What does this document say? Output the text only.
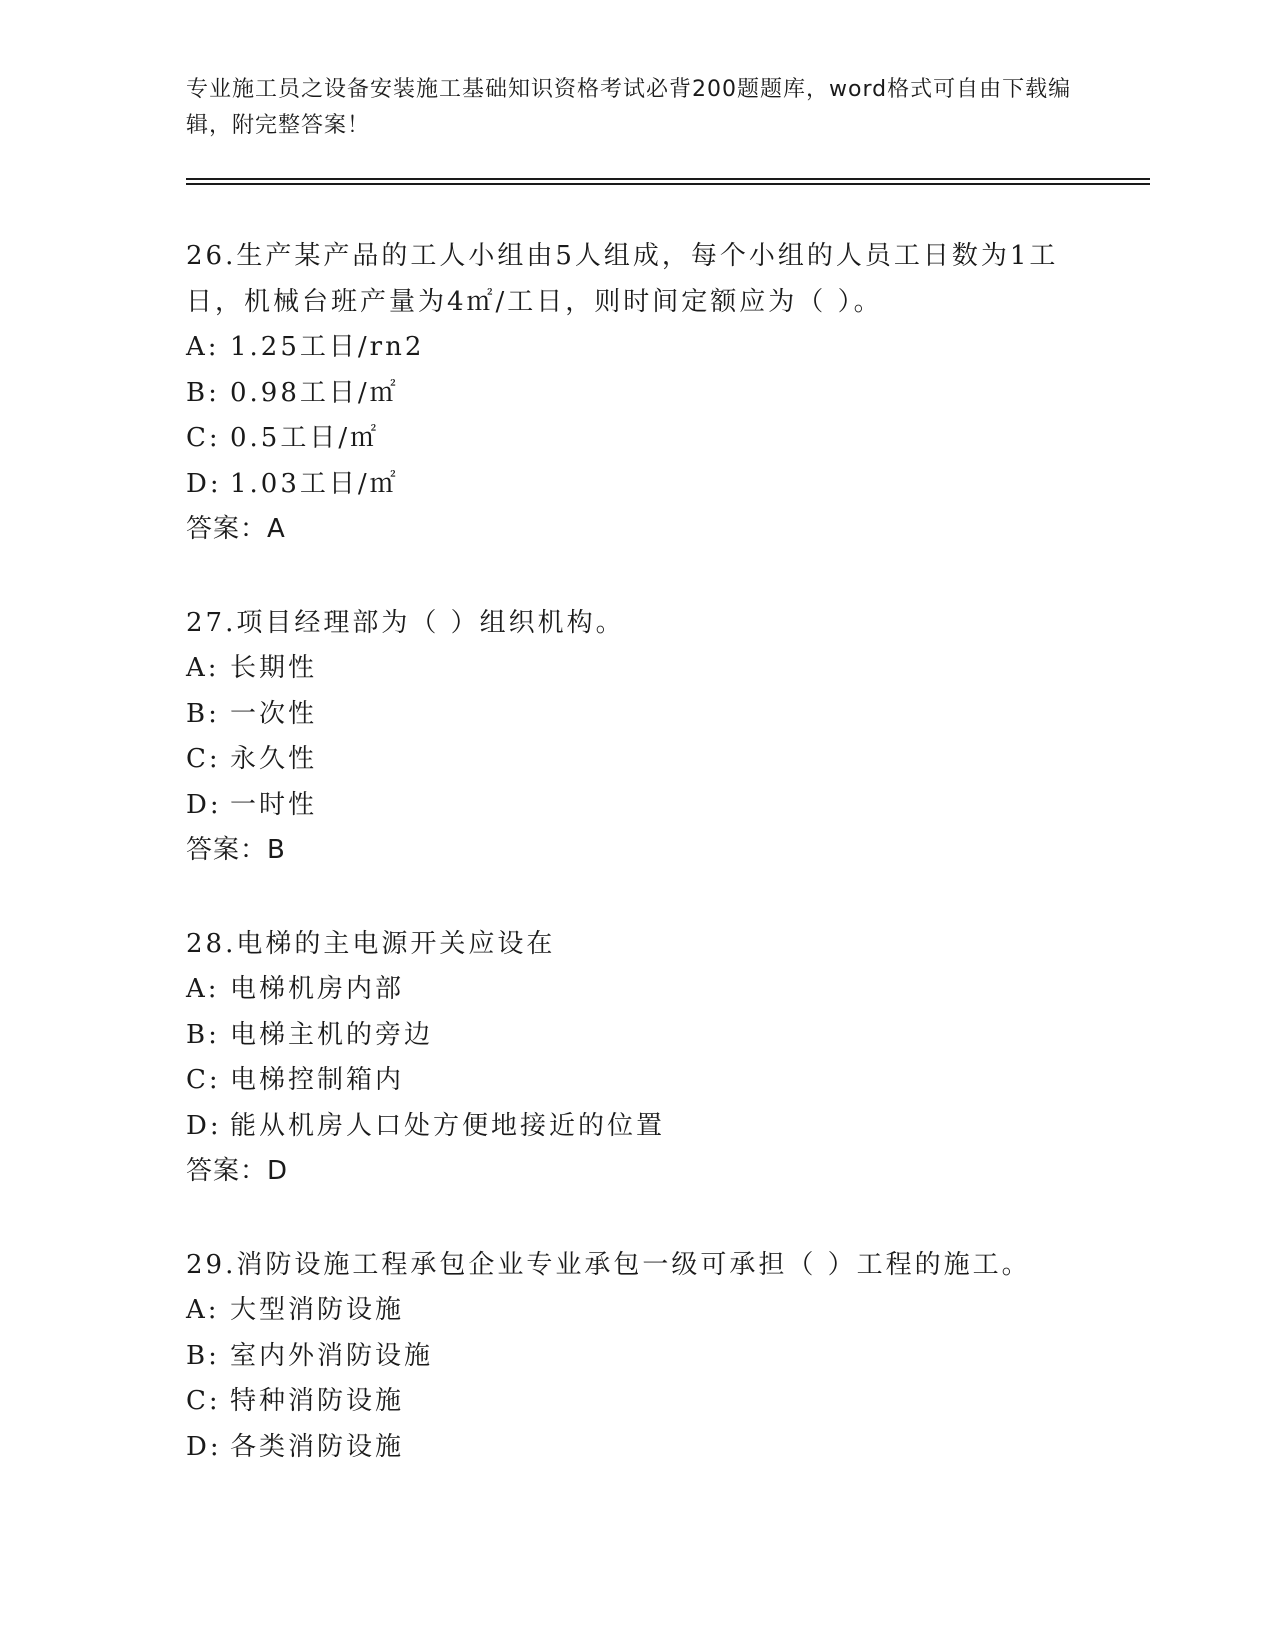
专业施工员之设备安装施工基础知识资格考试必背200题题库，word格式可自由下载编辑，附完整答案！

26.生产某产品的工人小组由5人组成，每个小组的人员工日数为1工日，机械台班产量为4㎡/工日，则时间定额应为（ ）。

A: 1.25工日/rn2

B: 0.98工日/㎡

C: 0.5工日/㎡

D: 1.03工日/㎡

答案：A

27.项目经理部为（ ）组织机构。

A: 长期性

B: 一次性

C: 永久性

D: 一时性

答案：B

28.电梯的主电源开关应设在

A: 电梯机房内部

B: 电梯主机的旁边

C: 电梯控制箱内

D: 能从机房人口处方便地接近的位置

答案：D

29.消防设施工程承包企业专业承包一级可承担（ ）工程的施工。

A: 大型消防设施

B: 室内外消防设施

C: 特种消防设施

D: 各类消防设施
